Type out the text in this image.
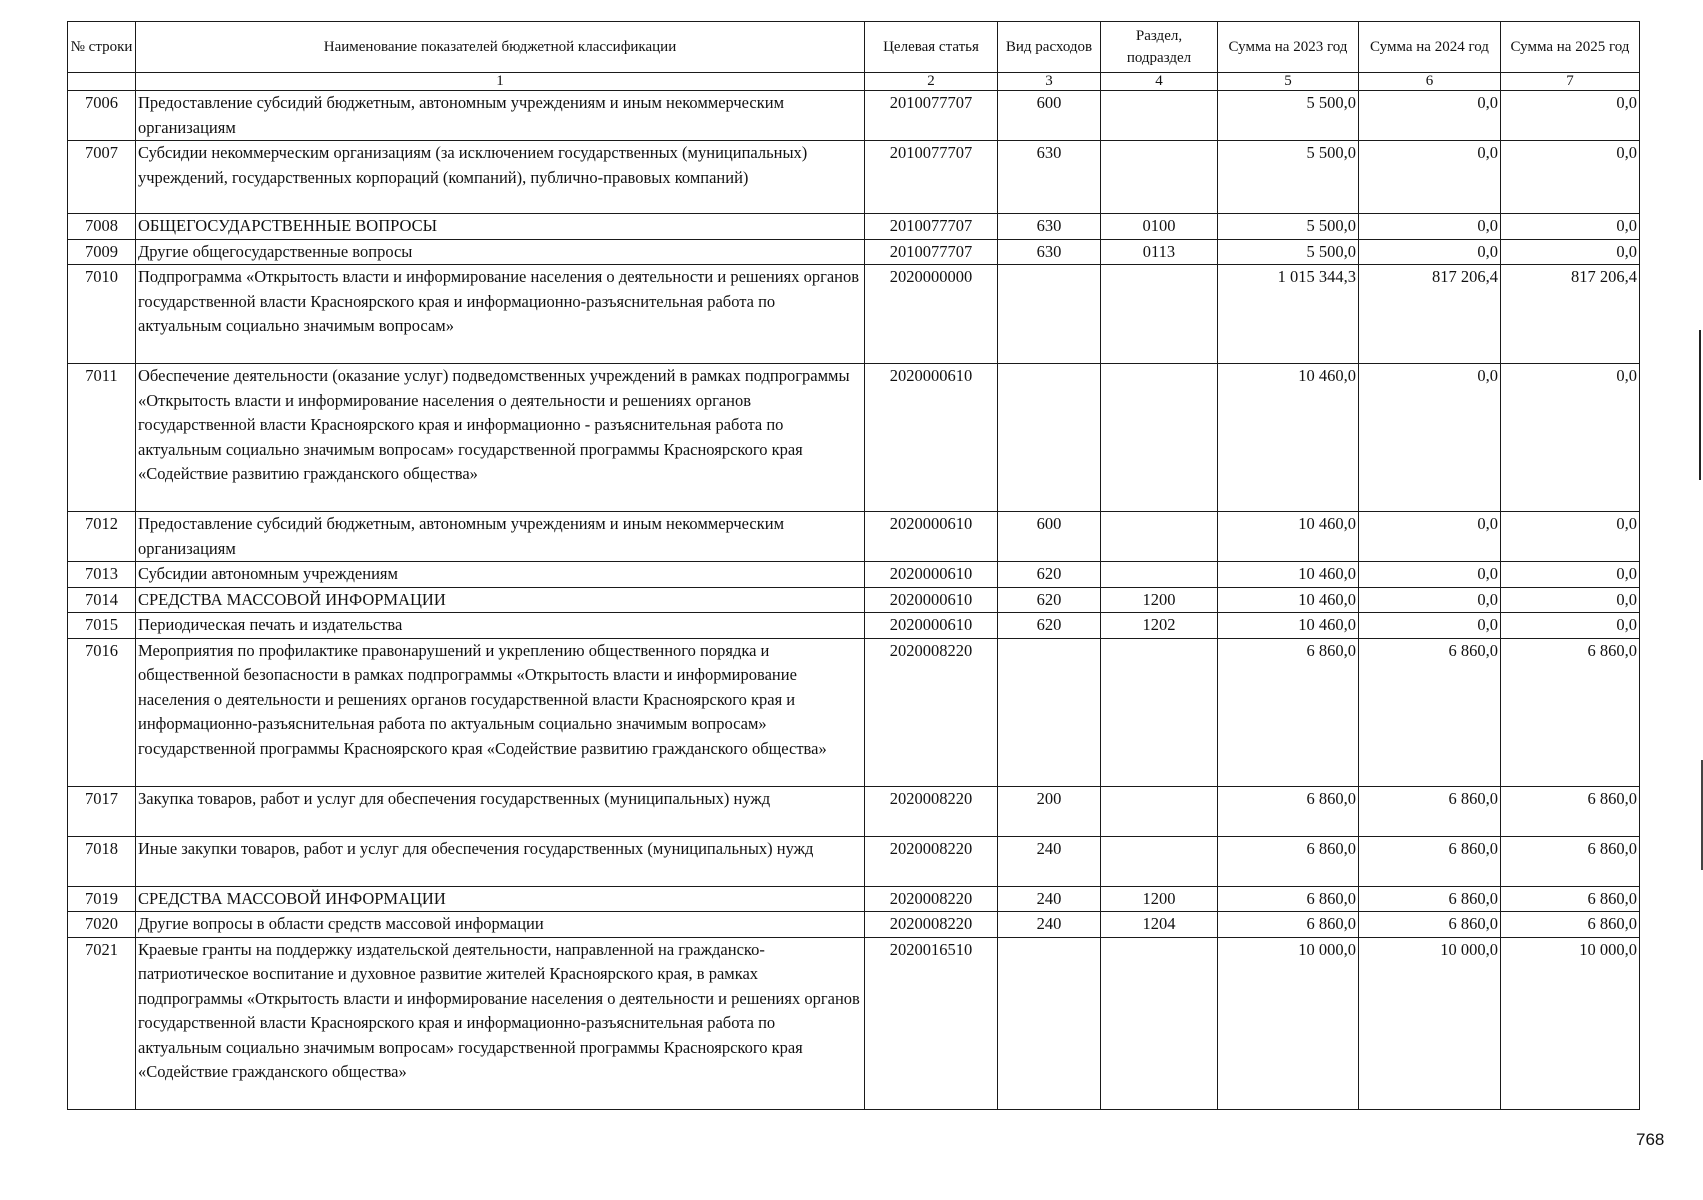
№ строки	Наименование показателей бюджетной классификации	Целевая статья	Вид расходов	Раздел, подраздел	Сумма на 2023 год	Сумма на 2024 год	Сумма на 2025 год
	1	2	3	4	5	6	7
7006	Предоставление субсидий бюджетным, автономным учреждениям и иным некоммерческим организациям	2010077707	600		5 500,0	0,0	0,0
7007	Субсидии некоммерческим организациям (за исключением государственных (муниципальных) учреждений, государственных корпораций (компаний), публично-правовых компаний)	2010077707	630		5 500,0	0,0	0,0
7008	ОБЩЕГОСУДАРСТВЕННЫЕ ВОПРОСЫ	2010077707	630	0100	5 500,0	0,0	0,0
7009	Другие общегосударственные вопросы	2010077707	630	0113	5 500,0	0,0	0,0
7010	Подпрограмма «Открытость власти и информирование населения о деятельности и решениях органов государственной власти Красноярского края и информационно-разъяснительная работа по актуальным социально значимым вопросам»	2020000000			1 015 344,3	817 206,4	817 206,4
7011	Обеспечение деятельности (оказание услуг) подведомственных учреждений в рамках подпрограммы «Открытость власти и информирование населения о деятельности и решениях органов государственной власти Красноярского края и информационно - разъяснительная работа по актуальным социально значимым вопросам» государственной программы Красноярского края «Содействие развитию гражданского общества»	2020000610			10 460,0	0,0	0,0
7012	Предоставление субсидий бюджетным, автономным учреждениям и иным некоммерческим организациям	2020000610	600		10 460,0	0,0	0,0
7013	Субсидии автономным учреждениям	2020000610	620		10 460,0	0,0	0,0
7014	СРЕДСТВА МАССОВОЙ ИНФОРМАЦИИ	2020000610	620	1200	10 460,0	0,0	0,0
7015	Периодическая печать и издательства	2020000610	620	1202	10 460,0	0,0	0,0
7016	Мероприятия по профилактике правонарушений и укреплению общественного порядка и общественной безопасности в рамках подпрограммы «Открытость власти и информирование населения о деятельности и решениях органов государственной власти Красноярского края и информационно-разъяснительная работа по актуальным социально значимым вопросам» государственной программы Красноярского края «Содействие развитию гражданского общества»	2020008220			6 860,0	6 860,0	6 860,0
7017	Закупка товаров, работ и услуг для обеспечения государственных (муниципальных) нужд	2020008220	200		6 860,0	6 860,0	6 860,0
7018	Иные закупки товаров, работ и услуг для обеспечения государственных (муниципальных) нужд	2020008220	240		6 860,0	6 860,0	6 860,0
7019	СРЕДСТВА МАССОВОЙ ИНФОРМАЦИИ	2020008220	240	1200	6 860,0	6 860,0	6 860,0
7020	Другие вопросы в области средств массовой информации	2020008220	240	1204	6 860,0	6 860,0	6 860,0
7021	Краевые гранты на поддержку издательской деятельности, направленной на гражданско-патриотическое воспитание и духовное развитие жителей Красноярского края, в рамках подпрограммы «Открытость власти и информирование населения о деятельности и решениях органов государственной власти Красноярского края и информационно-разъяснительная работа по актуальным социально значимым вопросам» государственной программы Красноярского края «Содействие гражданского общества»	2020016510			10 000,0	10 000,0	10 000,0
768
